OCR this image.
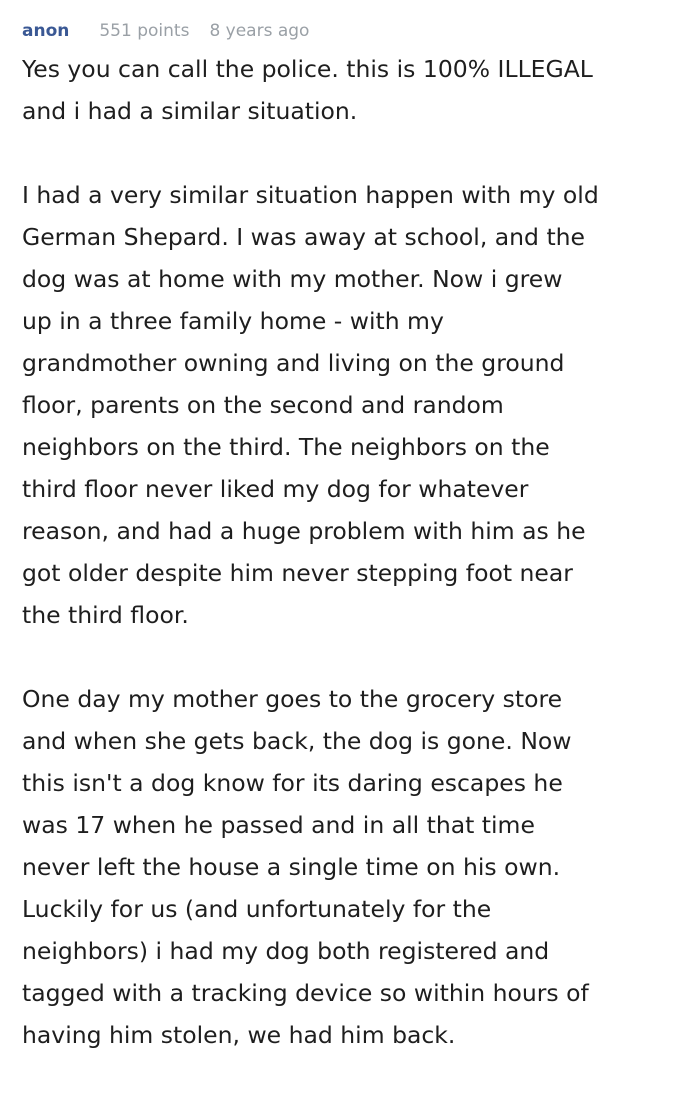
anon 551 points 8 years ago

Yes you can call the police. this is 100% ILLEGAL
and i had a similar situation.

I had a very similar situation happen with my old
German Shepard. I was away at school, and the
dog was at home with my mother. Now i grew
up in a three family home - with my
grandmother owning and living on the ground
floor, parents on the second and random
neighbors on the third. The neighbors on the
third floor never liked my dog for whatever
reason, and had a huge problem with him as he
got older despite him never stepping foot near
the third floor.

One day my mother goes to the grocery store
and when she gets back, the dog is gone. Now
this isn't a dog know for its daring escapes he
was 17 when he passed and in all that time
never left the house a single time on his own.
Luckily for us (and unfortunately for the
neighbors) i had my dog both registered and
tagged with a tracking device so within hours of
having him stolen, we had him back.
